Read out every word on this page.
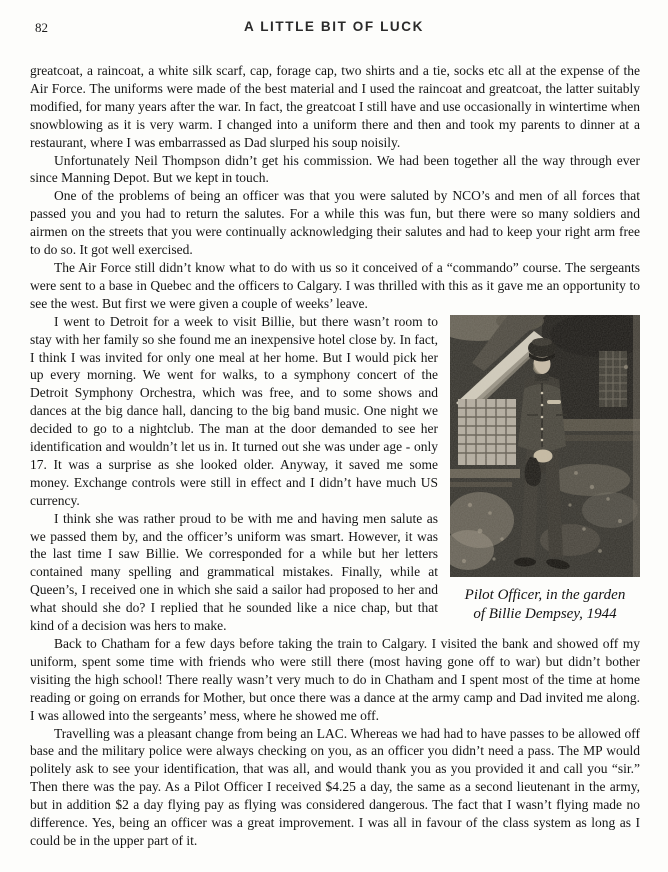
82	A LITTLE BIT OF LUCK

greatcoat, a raincoat, a white silk scarf, cap, forage cap, two shirts and a tie, socks etc all at the expense of the Air Force. The uniforms were made of the best material and I used the raincoat and greatcoat, the latter suitably modified, for many years after the war. In fact, the greatcoat I still have and use occasionally in wintertime when snowblowing as it is very warm. I changed into a uniform there and then and took my parents to dinner at a restaurant, where I was embarrassed as Dad slurped his soup noisily.

Unfortunately Neil Thompson didn’t get his commission. We had been together all the way through ever since Manning Depot. But we kept in touch.

One of the problems of being an officer was that you were saluted by NCO’s and men of all forces that passed you and you had to return the salutes. For a while this was fun, but there were so many soldiers and airmen on the streets that you were continually acknowledging their salutes and had to keep your right arm free to do so. It got well exercised.

The Air Force still didn’t know what to do with us so it conceived of a “commando” course. The sergeants were sent to a base in Quebec and the officers to Calgary. I was thrilled with this as it gave me an opportunity to see the west. But first we were given a couple of weeks’ leave.

Pilot Officer, in the garden
of Billie Dempsey, 1944

I went to Detroit for a week to visit Billie, but there wasn’t room to stay with her family so she found me an inexpensive hotel close by. In fact, I think I was invited for only one meal at her home. But I would pick her up every morning. We went for walks, to a symphony concert of the Detroit Symphony Orchestra, which was free, and to some shows and dances at the big dance hall, dancing to the big band music. One night we decided to go to a nightclub. The man at the door demanded to see her identification and wouldn’t let us in. It turned out she was under age - only 17. It was a surprise as she looked older. Anyway, it saved me some money. Exchange controls were still in effect and I didn’t have much US currency.

I think she was rather proud to be with me and having men salute as we passed them by, and the officer’s uniform was smart. However, it was the last time I saw Billie. We corresponded for a while but her letters contained many spelling and grammatical mistakes. Finally, while at Queen’s, I received one in which she said a sailor had proposed to her and what should she do? I replied that he sounded like a nice chap, but that kind of a decision was hers to make.

Back to Chatham for a few days before taking the train to Calgary. I visited the bank and showed off my uniform, spent some time with friends who were still there (most having gone off to war) but didn’t bother visiting the high school! There really wasn’t very much to do in Chatham and I spent most of the time at home reading or going on errands for Mother, but once there was a dance at the army camp and Dad invited me along. I was allowed into the sergeants’ mess, where he showed me off.

Travelling was a pleasant change from being an LAC. Whereas we had had to have passes to be allowed off base and the military police were always checking on you, as an officer you didn’t need a pass. The MP would politely ask to see your identification, that was all, and would thank you as you provided it and call you “sir.” Then there was the pay. As a Pilot Officer I received $4.25 a day, the same as a second lieutenant in the army, but in addition $2 a day flying pay as flying was considered dangerous. The fact that I wasn’t flying made no difference. Yes, being an officer was a great improvement. I was all in favour of the class system as long as I could be in the upper part of it.
